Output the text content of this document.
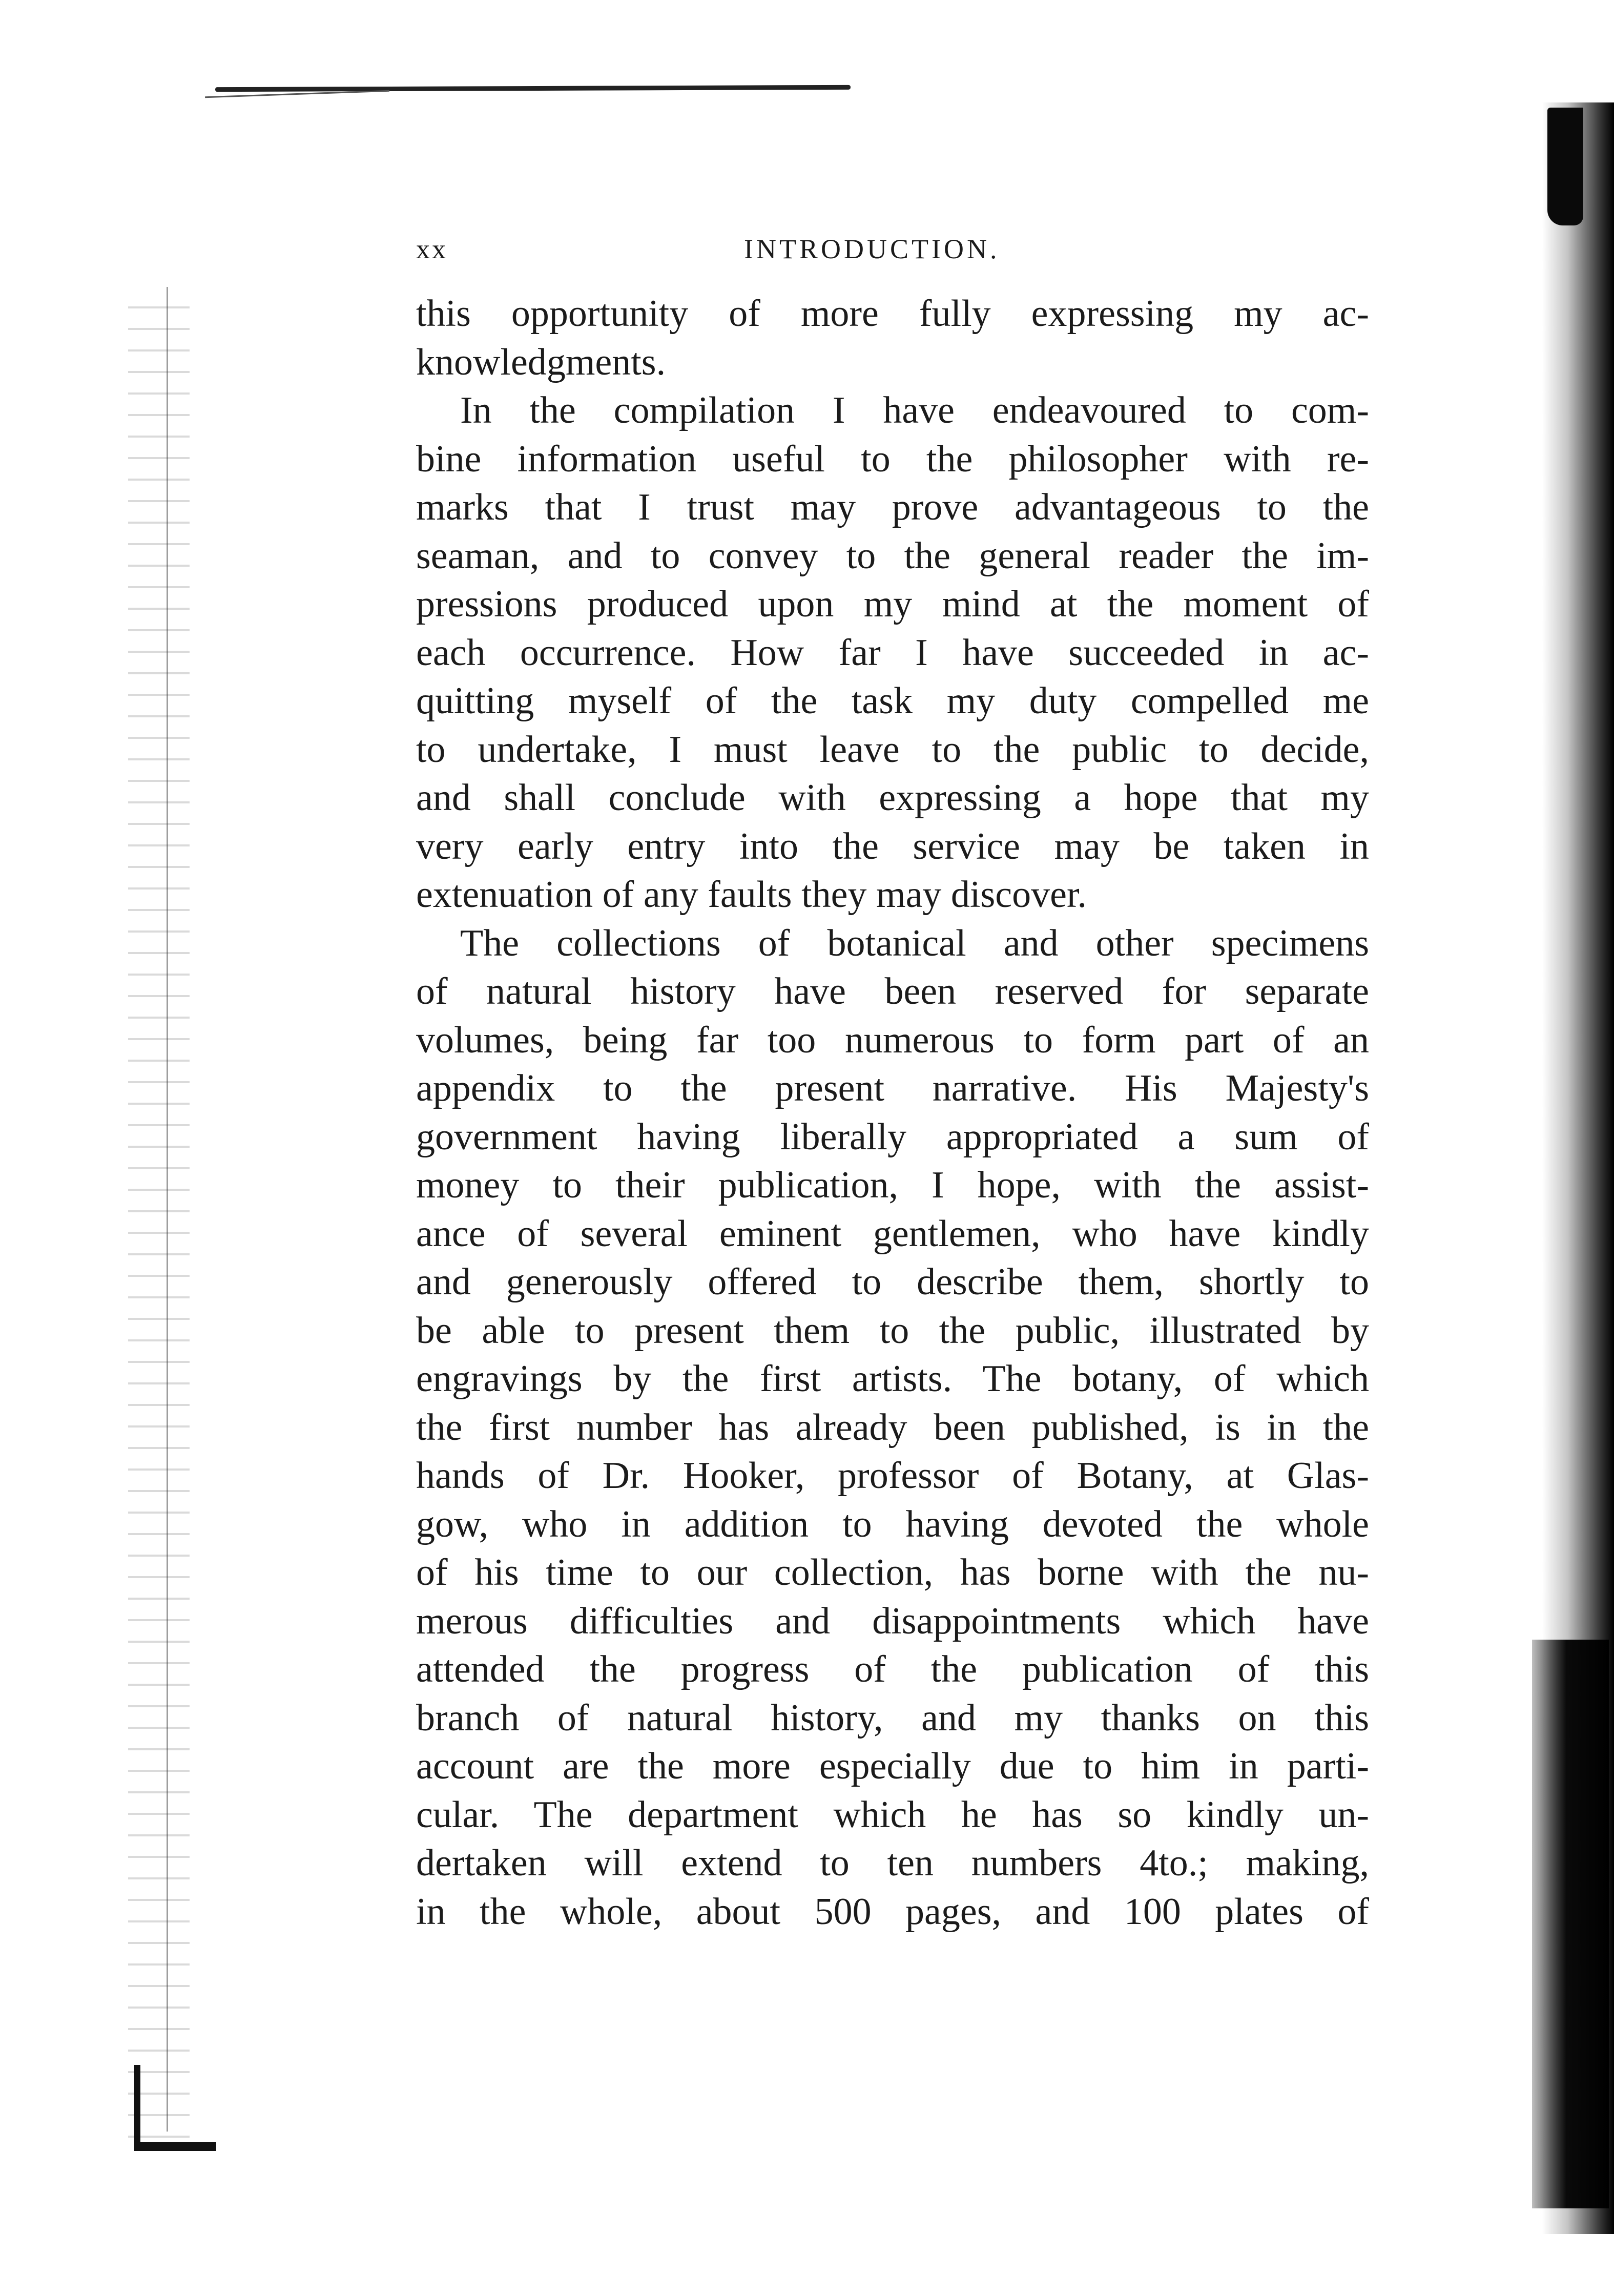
xx	INTRODUCTION.
this opportunity of more fully expressing my ac-
knowledgments.
In the compilation I have endeavoured to com-
bine information useful to the philosopher with re-
marks that I trust may prove advantageous to the
seaman, and to convey to the general reader the im-
pressions produced upon my mind at the moment of
each occurrence. How far I have succeeded in ac-
quitting myself of the task my duty compelled me
to undertake, I must leave to the public to decide,
and shall conclude with expressing a hope that my
very early entry into the service may be taken in
extenuation of any faults they may discover.
The collections of botanical and other specimens
of natural history have been reserved for separate
volumes, being far too numerous to form part of an
appendix to the present narrative. His Majesty's
government having liberally appropriated a sum of
money to their publication, I hope, with the assist-
ance of several eminent gentlemen, who have kindly
and generously offered to describe them, shortly to
be able to present them to the public, illustrated by
engravings by the first artists. The botany, of which
the first number has already been published, is in the
hands of Dr. Hooker, professor of Botany, at Glas-
gow, who in addition to having devoted the whole
of his time to our collection, has borne with the nu-
merous difficulties and disappointments which have
attended the progress of the publication of this
branch of natural history, and my thanks on this
account are the more especially due to him in parti-
cular. The department which he has so kindly un-
dertaken will extend to ten numbers 4to.; making,
in the whole, about 500 pages, and 100 plates of
